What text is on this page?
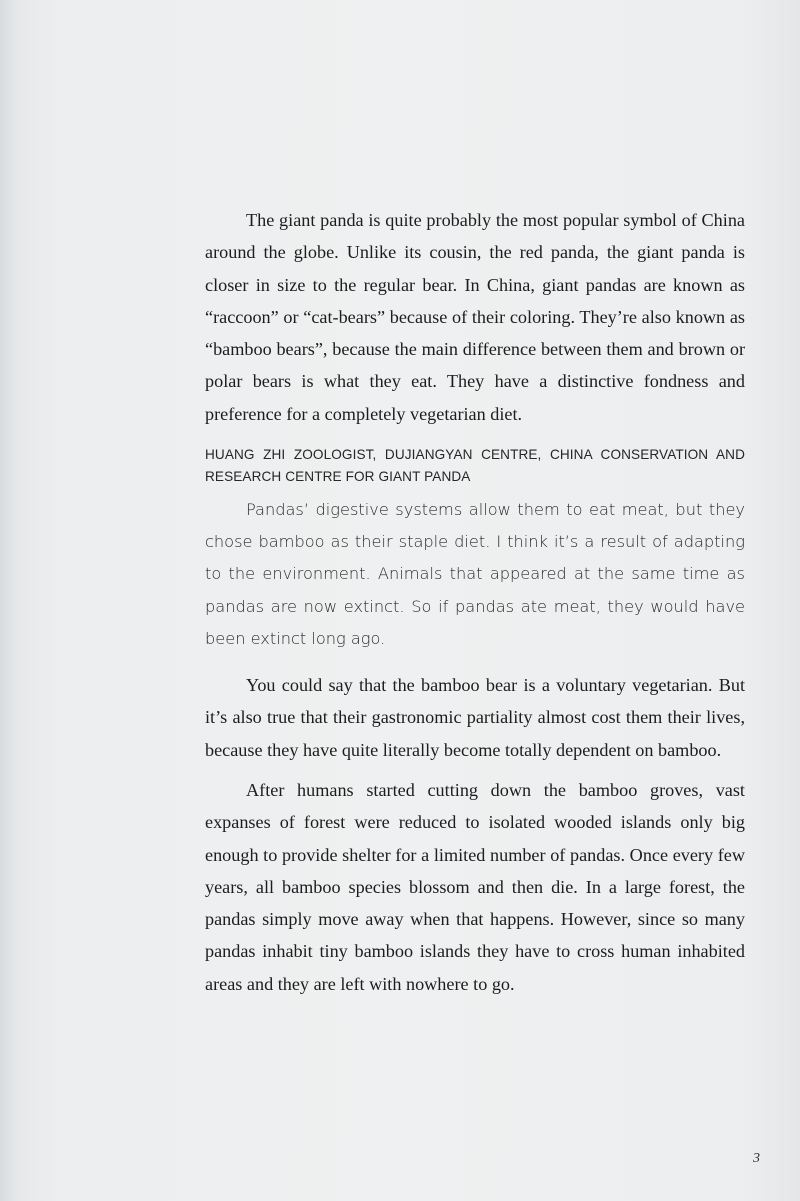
The giant panda is quite probably the most popular symbol of China around the globe. Unlike its cousin, the red panda, the giant panda is closer in size to the regular bear. In China, giant pandas are known as “raccoon” or “cat-bears” because of their coloring. They’re also known as “bamboo bears”, because the main difference between them and brown or polar bears is what they eat. They have a distinctive fondness and preference for a completely vegetarian diet.

HUANG ZHI ZOOLOGIST, DUJIANGYAN CENTRE, CHINA CONSERVATION AND RESEARCH CENTRE FOR GIANT PANDA

Pandas’ digestive systems allow them to eat meat, but they chose bamboo as their staple diet. I think it’s a result of adapting to the environment. Animals that appeared at the same time as pandas are now extinct. So if pandas ate meat, they would have been extinct long ago.

You could say that the bamboo bear is a voluntary vegetarian. But it’s also true that their gastronomic partiality almost cost them their lives, because they have quite literally become totally dependent on bamboo.

After humans started cutting down the bamboo groves, vast expanses of forest were reduced to isolated wooded islands only big enough to provide shelter for a limited number of pandas. Once every few years, all bamboo species blossom and then die. In a large forest, the pandas simply move away when that happens. However, since so many pandas inhabit tiny bamboo islands they have to cross human inhabited areas and they are left with nowhere to go.

3
